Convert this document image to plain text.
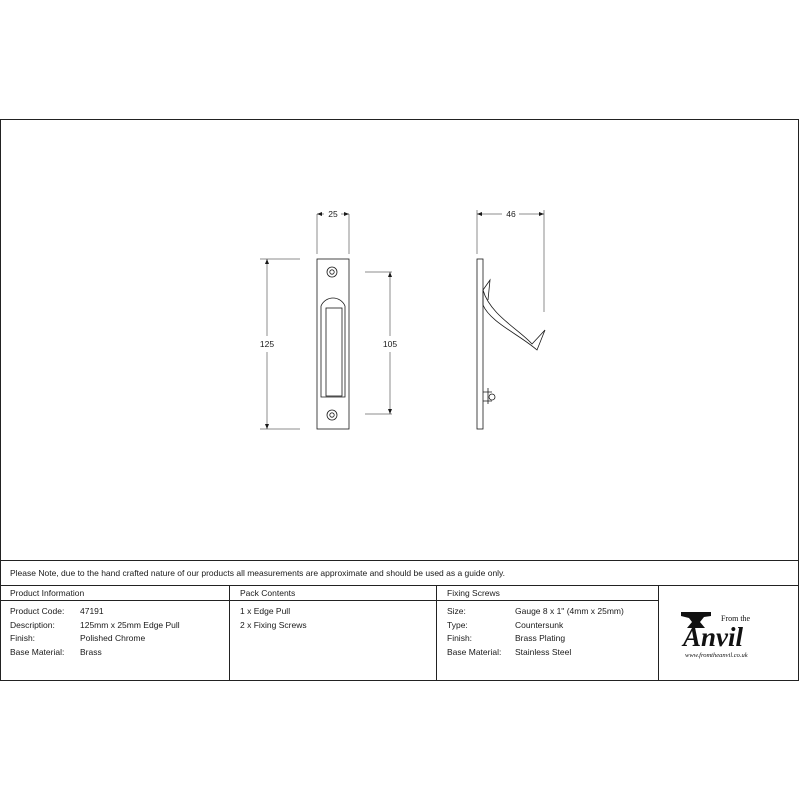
25
125	105
46
Please Note, due to the hand crafted nature of our products all measurements are approximate and should be used as a guide only.
Product Information
Product Code: 47191
Description:	125mm x 25mm Edge Pull
Finish:	Polished Chrome
Base Material: Brass
Pack Contents
1 x Edge Pull
2 x Fixing Screws
Fixing Screws
Size:	Gauge 8 x 1" (4mm x 25mm)
Type:	Countersunk
Finish:	Brass Plating
Base Material: Stainless Steel
From the
Anvil
www.fromtheanvil.co.uk
